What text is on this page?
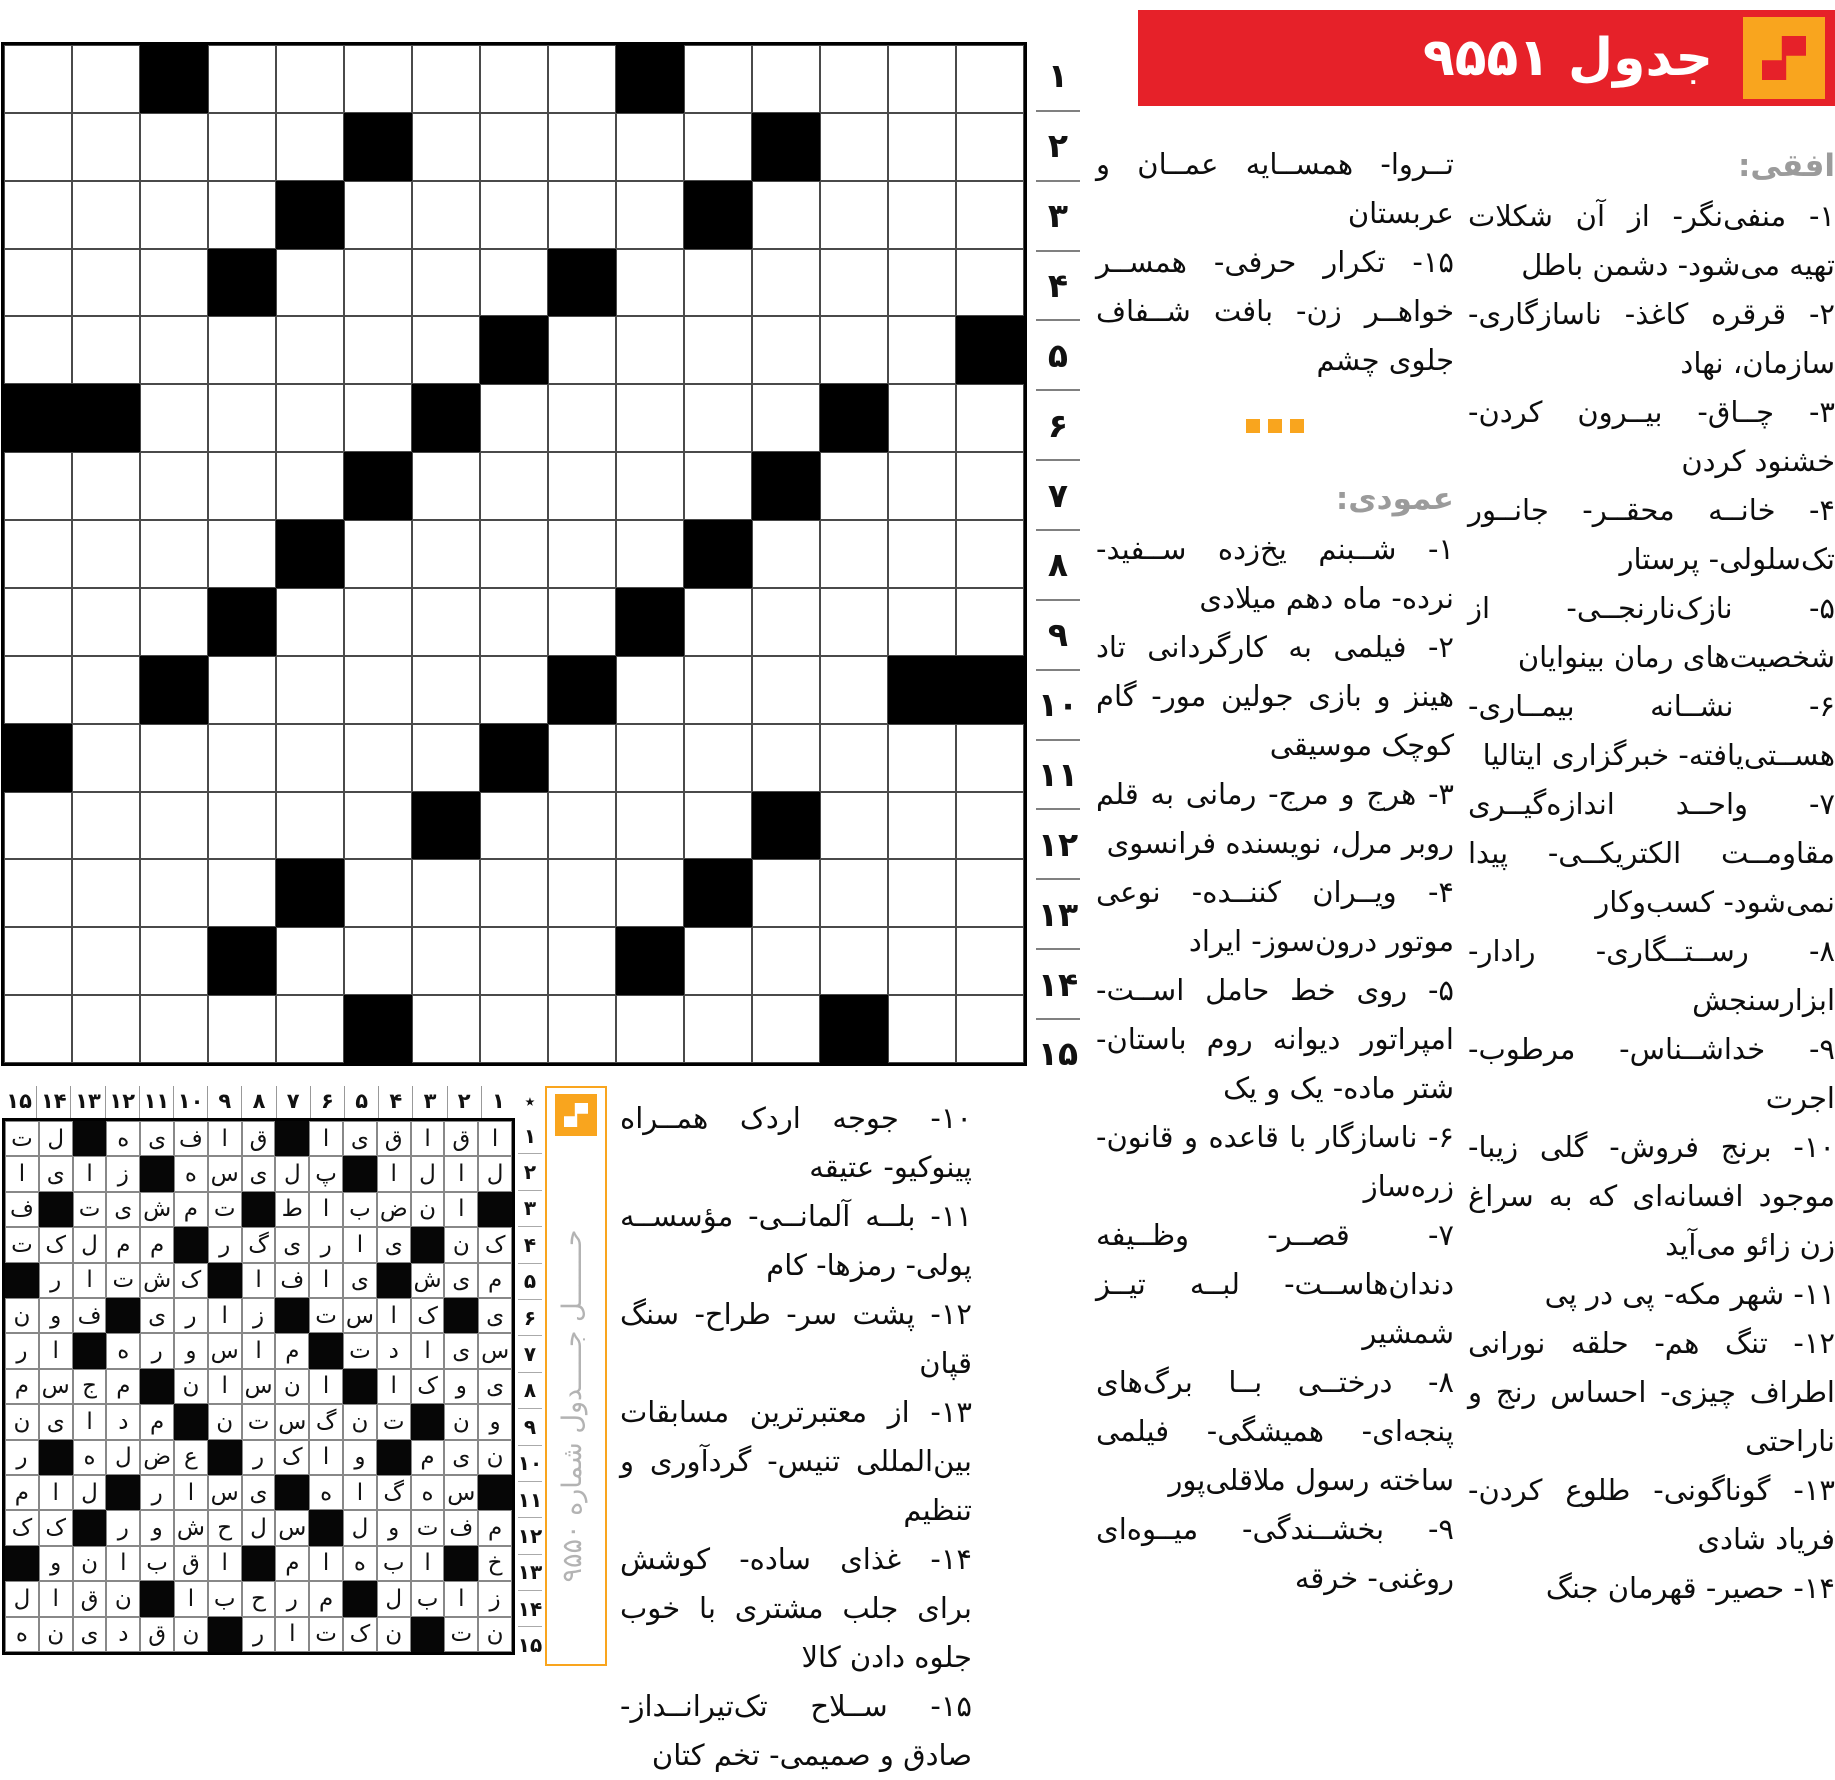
جدول ۹۵۵۱
۱
۲
۳
۴
۵
۶
۷
۸
۹
۱۰
۱۱
۱۲
۱۳
۱۴
۱۵
افقی:

۱- منفی‌نگر- از آن شکلات تهیه می‌شود- دشمن باطل

۲- قرقره کاغذ- ناسازگاری- سازمان، نهاد

۳- چــاق- بیــرون کردن- خشنود کردن

۴- خانــه محقــر- جانــور تک‌سلولی- پرستار

۵- نازک‌نارنجــی- از شخصیت‌های رمان بینوایان

۶- نشــانه بیمــاری- هســتی‌یافته- خبرگزاری ایتالیا

۷- واحــد اندازه‌گیــری مقاومــت الکتریکــی- پیدا نمی‌شود- کسب‌وکار

۸- رســتــگاری- رادار- ابزارسنجش

۹- خداشــناس- مرطوب- اجرت

۱۰- برنج فروش- گلی زیبا- موجود افسانه‌ای که به سراغ زن زائو می‌آید

۱۱- شهر مکه- پی در پی

۱۲- تنگ هم- حلقه نورانی اطراف چیزی- احساس رنج و ناراحتی

۱۳- گوناگونی- طلوع کردن- فریاد شادی

۱۴- حصیر- قهرمان جنگ

تــروا- همســایه عمــان و عربستان

۱۵- تکرار حرفی- همســر خواهــر زن- بافت شــفاف جلوی چشم

عمودی:

۱- شــبنم یخ‌زده ســفید- نرده- ماه دهم میلادی

۲- فیلمی به کارگردانی تاد هینز و بازی جولین مور- گام کوچک موسیقی

۳- هرج و مرج- رمانی به قلم روبر مرل، نویسنده فرانسوی

۴- ویــران کننــده- نوعی موتور درون‌سوز- ایراد

۵- روی خط حامل اســت- امپراتور دیوانه روم باستان- شتر ماده- یک و یک

۶- ناسازگار با قاعده و قانون- زره‌ساز

۷- قصــر- وظــیفه دندان‌هاســت- لبــه تیــز شمشیر

۸- درختــی بــا برگ‌های پنجه‌ای- همیشگی- فیلمی ساخته رسول ملاقلی‌پور

۹- بخشــندگی- میــوه‌ای روغنی- خرقه

۱۰- جوجه اردک همــراه پینوکیو- عتیقه

۱۱- بلــه آلمانــی- مؤسســه پولی- رمزها- کام

۱۲- پشت سر- طراح- سنگ قپان

۱۳- از معتبرترین مسابقات بین‌المللی تنیس- گردآوری و تنظیم

۱۴- غذای ساده- کوشش برای جلب مشتری با خوب جلوه دادن کالا

۱۵- ســلاح تک‌تیرانــداز- صادق و صمیمی- تخم کتان

حـــــــل جـــــدول شماره ۹۵۵۰
۱
۲
۳
۴
۵
۶
۷
۸
۹
۱۰
۱۱
۱۲
۱۳
۱۴
۱۵	٭
ا
ق
ا
ق
ی
ا
ق
ا
ف
ی
ه
ل
ت
ل
ا
ل
ا
پ
ل
ی
س
ه
ز
ا
ی
ا
ا
ن
ض
ب
ا
ط
ت
م
ش
ی
ت
ف
ک
ن
ی
ا
ر
ی
گ
ر
م
م
ل
ک
ت
م
ی
ش
ی
ا
ف
ا
ک
ش
ت
ا
ر
ی
ک
ا
س
ت
ز
ا
ر
ی
ف
و
ن
س
ی
ا
د
ت
م
ا
س
و
ر
ه
ا
ر
ی
و
ک
ا
ا
ن
س
ا
ن
م
ج
س
م
و
ن
ت
ن
گ
س
ت
ن
م
د
ا
ی
ن
ن
ی
م
و
ا
ک
ر
ع
ض
ل
ه
ر
س
ه
گ
ا
ه
ی
س
ا
ر
ل
ا
م
م
ف
ت
و
ل
س
ل
ح
ش
و
ر
ک
ک
خ
ا
ب
ه
ا
م
ا
ق
ب
ا
ن
و
ز
ا
ب
ل
م
ر
ح
ب
ا
ن
ق
ا
ل
ن
ت
ن
ک
ت
ا
ر
ن
ق
د
ی
ن
ه
۱
۲
۳
۴
۵
۶
۷
۸
۹
۱۰
۱۱
۱۲
۱۳
۱۴
۱۵
